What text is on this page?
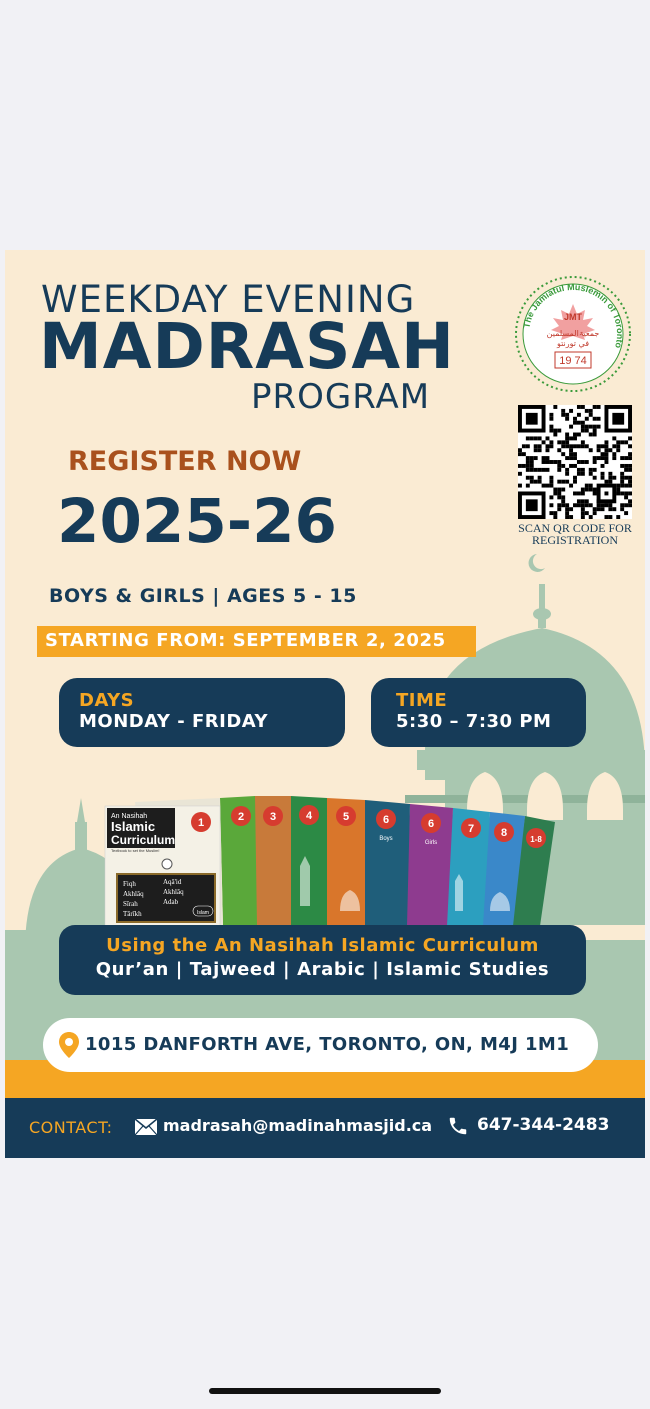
WEEKDAY EVENING
MADRASAH
PROGRAM
The Jamiatul Muslemin of Toronto
JMT
جمعیۃالمسلمین
في تورنتو
19 74
SCAN QR CODE FOR
REGISTRATION
REGISTER NOW
2025-26
BOYS & GIRLS | AGES 5 - 15
STARTING FROM: SEPTEMBER 2, 2025
DAYS
MONDAY - FRIDAY
TIME
5:30 – 7:30 PM
An Nasihah
Islamic
Curriculum
Textbook to set the Muslim!
Fiqh
Akhlāq
Sīrah
Tārīkh
Aqā'id
Akhlāq
Adab
Islam
1	2 3	4	5	6	6	7 8
1-8
Boys
Girls
Using the An Nasihah Islamic Curriculum
Qur’an | Tajweed | Arabic | Islamic Studies
1015 DANFORTH AVE, TORONTO, ON, M4J 1M1
CONTACT:	madrasah@madinahmasjid.ca	647-344-2483
